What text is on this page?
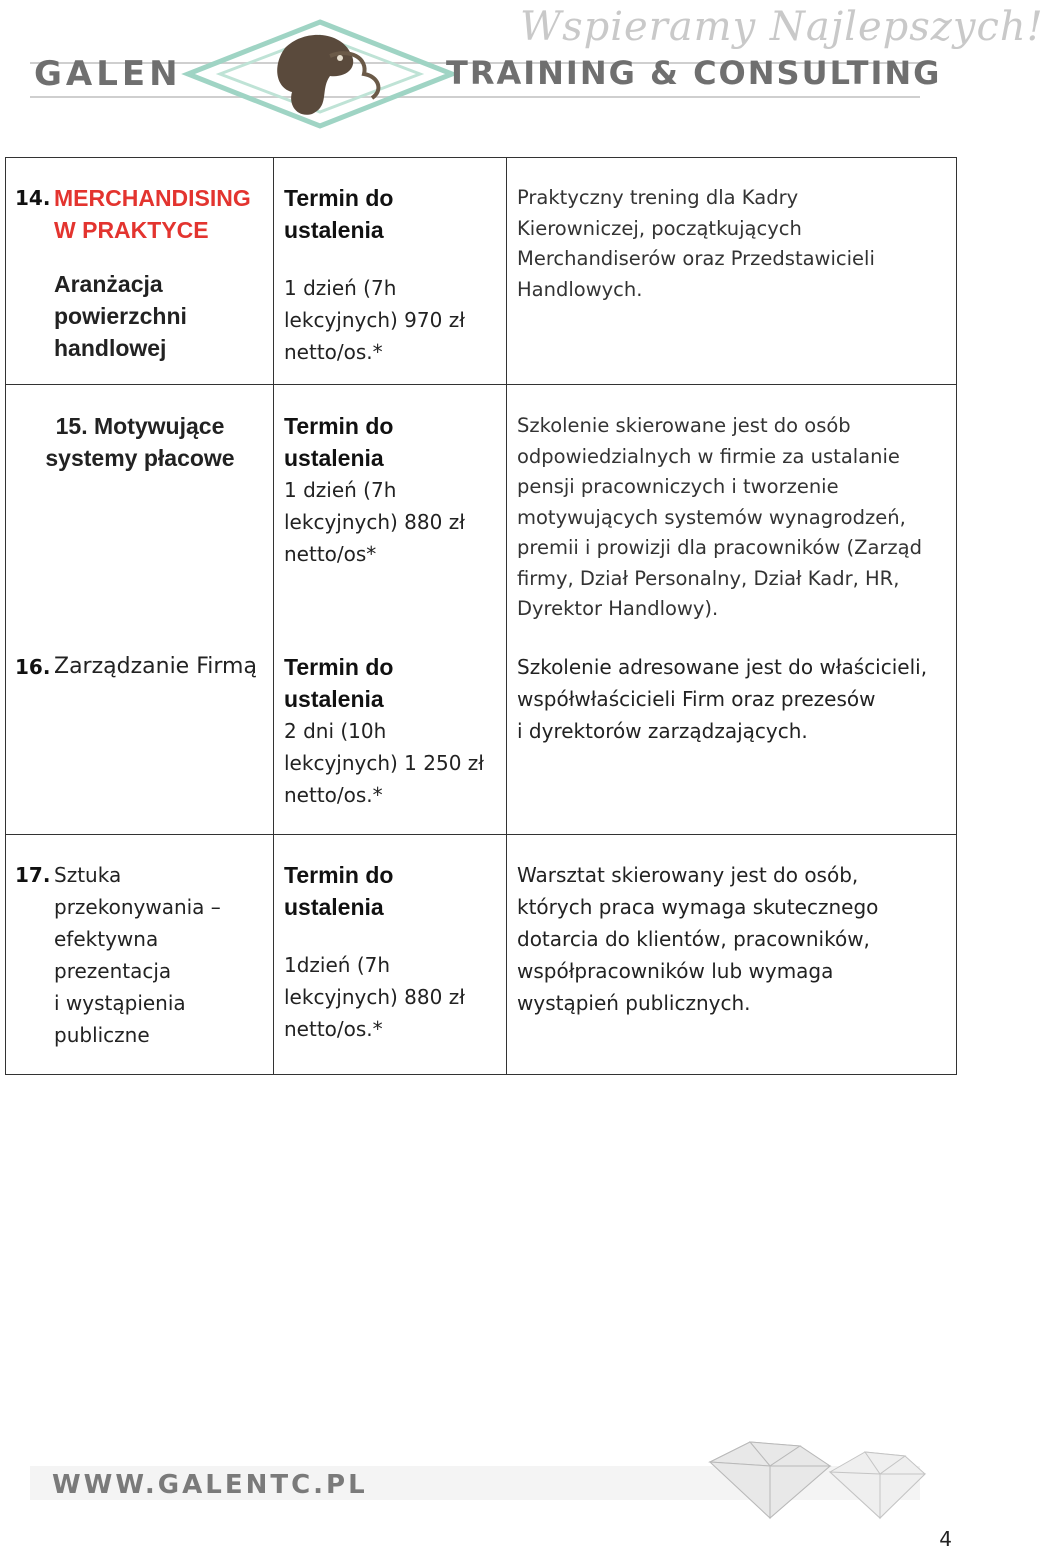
GALEN	TRAINING & CONSULTING
Wspieramy Najlepszych!
14. MERCHANDISING
W PRAKTYCE
Aranżacja
powierzchni
handlowej
Termin do
ustalenia
1 dzień (7h
lekcyjnych) 970 zł
netto/os.*
Praktyczny trening dla Kadry
Kierowniczej, początkujących
Merchandiserów oraz Przedstawicieli
Handlowych.
15. Motywujące
systemy płacowe
Termin do
ustalenia
1 dzień (7h
lekcyjnych) 880 zł
netto/os*
Szkolenie skierowane jest do osób
odpowiedzialnych w firmie za ustalanie
pensji pracowniczych i tworzenie
motywujących systemów wynagrodzeń,
premii i prowizji dla pracowników (Zarząd
firmy, Dział Personalny, Dział Kadr, HR,
Dyrektor Handlowy).
16. Zarządzanie Firmą Termin do
ustalenia
2 dni (10h
lekcyjnych) 1 250 zł
netto/os.*
Szkolenie adresowane jest do właścicieli,
współwłaścicieli Firm oraz prezesów
i dyrektorów zarządzających.
17. Sztuka
przekonywania –
efektywna
prezentacja
i wystąpienia
publiczne
Termin do
ustalenia
1dzień (7h
lekcyjnych) 880 zł
netto/os.*
Warsztat skierowany jest do osób,
których praca wymaga skutecznego
dotarcia do klientów, pracowników,
współpracowników lub wymaga
wystąpień publicznych.
WWW.GALENTC.PL
4
